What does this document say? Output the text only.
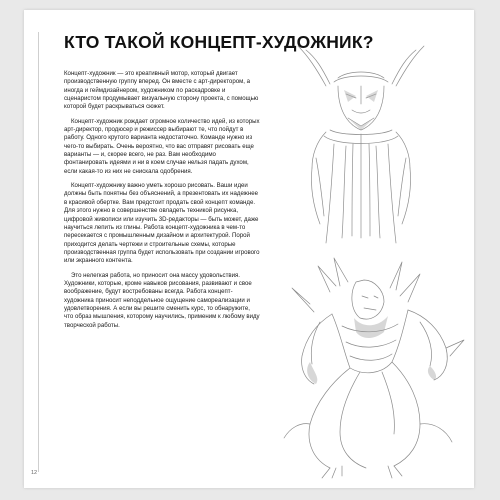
КТО ТАКОЙ КОНЦЕПТ-ХУДОЖНИК?

Концепт-художник — это креативный мотор, который двигает производственную группу вперед. Он вместе с арт-директором, а иногда и геймдизайнером, художником по раскадровке и сценаристом продумывает визуальную сторону проекта, с помощью которой будет раскрываться сюжет.

Концепт-художник рождает огромное количество идей, из которых арт-директор, продюсер и режиссер выбирают те, что пойдут в работу. Одного крутого варианта недостаточно. Команде нужно из чего-то выбирать. Очень вероятно, что вас отправят рисовать еще варианты — и, скорее всего, не раз. Вам необходимо фонтанировать идеями и ни в коем случае нельзя падать духом, если какая-то из них не снискала одобрения.

Концепт-художнику важно уметь хорошо рисовать. Ваши идеи должны быть понятны без объяснений, а презентовать их надежнее в красивой обертке. Вам предстоит продать свой концепт команде. Для этого нужно в совершенстве овладеть техникой рисунка, цифровой живописи или изучить 3D-редакторы — быть может, даже научиться лепить из глины. Работа концепт-художника в чем-то пересекается с промышленным дизайном и архитектурой. Порой приходится делать чертежи и строительные схемы, которые производственная группа будет использовать при создании игрового или экранного контента.

Это нелегкая работа, но приносит она массу удовольствия. Художники, которые, кроме навыков рисования, развивают и свое воображение, будут востребованы всегда. Работа концепт-художника приносит неподдельное ощущение самореализации и удовлетворения. А если вы решите сменить курс, то обнаружите, что образ мышления, которому научились, применим к любому виду творческой работы.

12
